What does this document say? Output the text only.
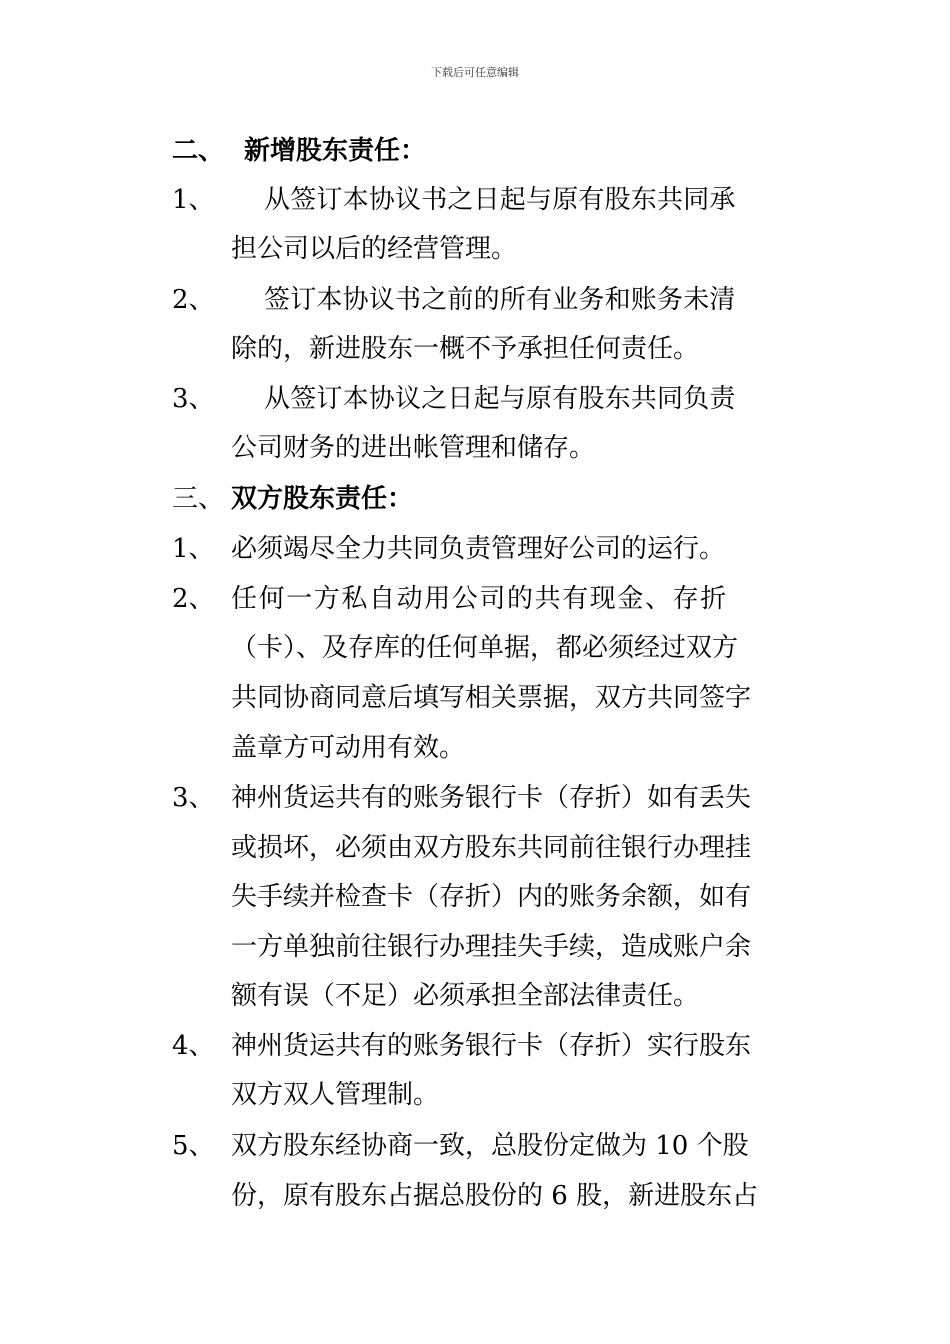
下载后可任意编辑
二、 新增股东责任：
1、 从签订本协议书之日起与原有股东共同承
担公司以后的经营管理。
2、 签订本协议书之前的所有业务和账务未清
除的，新进股东一概不予承担任何责任。
3、 从签订本协议之日起与原有股东共同负责
公司财务的进出帐管理和储存。
三、 双方股东责任：
1、 必须竭尽全力共同负责管理好公司的运行。
2、 任何一方私自动用公司的共有现金、存折
（卡）、及存库的任何单据，都必须经过双方
共同协商同意后填写相关票据，双方共同签字
盖章方可动用有效。
3、 神州货运共有的账务银行卡（存折）如有丢失
或损坏，必须由双方股东共同前往银行办理挂
失手续并检查卡（存折）内的账务余额，如有
一方单独前往银行办理挂失手续，造成账户余
额有误（不足）必须承担全部法律责任。
4、 神州货运共有的账务银行卡（存折）实行股东
双方双人管理制。
5、 双方股东经协商一致，总股份定做为 10 个股
份，原有股东占据总股份的 6 股，新进股东占
